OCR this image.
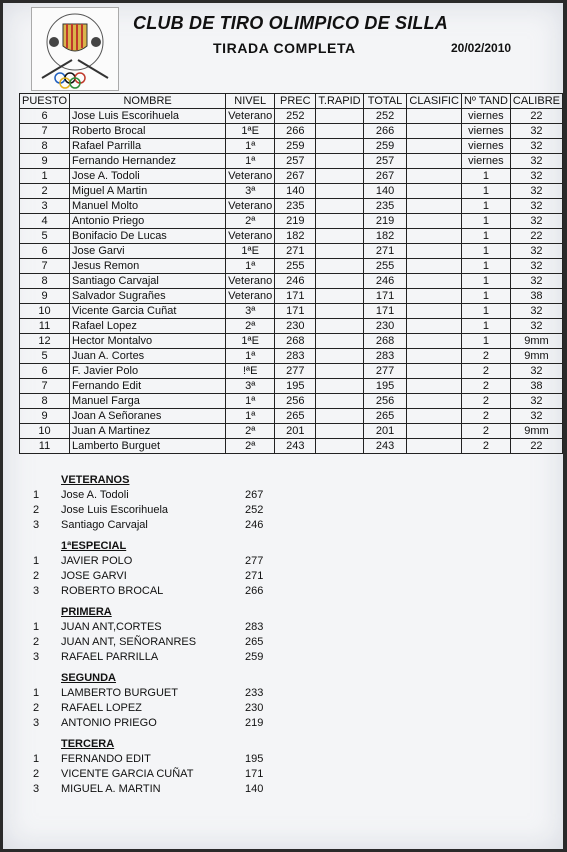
CLUB DE TIRO OLIMPICO DE SILLA
TIRADA COMPLETA	20/02/2010
PUESTO	NOMBRE	NIVEL	PREC	T.RAPID	TOTAL	CLASIFIC	Nº TAND	CALIBRE
6	Jose Luis Escorihuela	Veterano	252		252		viernes	22
7	Roberto Brocal	1ªE	266		266		viernes	32
8	Rafael Parrilla	1ª	259		259		viernes	32
9	Fernando Hernandez	1ª	257		257		viernes	32
1	Jose A. Todoli	Veterano	267		267		1	32
2	Miguel A Martin	3ª	140		140		1	32
3	Manuel Molto	Veterano	235		235		1	32
4	Antonio Priego	2ª	219		219		1	32
5	Bonifacio De Lucas	Veterano	182		182		1	22
6	Jose Garvi	1ªE	271		271		1	32
7	Jesus Remon	1ª	255		255		1	32
8	Santiago Carvajal	Veterano	246		246		1	32
9	Salvador Sugrañes	Veterano	171		171		1	38
10	Vicente Garcia Cuñat	3ª	171		171		1	32
11	Rafael Lopez	2ª	230		230		1	32
12	Hector Montalvo	1ªE	268		268		1	9mm
5	Juan A. Cortes	1ª	283		283		2	9mm
6	F. Javier Polo	!ªE	277		277		2	32
7	Fernando Edit	3ª	195		195		2	38
8	Manuel Farga	1ª	256		256		2	32
9	Joan A Señoranes	1ª	265		265		2	32
10	Juan A Martinez	2ª	201		201		2	9mm
11	Lamberto Burguet	2ª	243		243		2	22
VETERANOS
1	Jose A. Todoli	267
2	Jose Luis Escorihuela	252
3	Santiago Carvajal	246
1ªESPECIAL
1	JAVIER POLO	277
2	JOSE GARVI	271
3	ROBERTO BROCAL	266
PRIMERA
1	JUAN ANT,CORTES	283
2	JUAN ANT, SEÑORANRES	265
3	RAFAEL PARRILLA	259
SEGUNDA
1	LAMBERTO BURGUET	233
2	RAFAEL LOPEZ	230
3	ANTONIO PRIEGO	219
TERCERA
1	FERNANDO EDIT	195
2	VICENTE GARCIA CUÑAT	171
3	MIGUEL A. MARTIN	140
